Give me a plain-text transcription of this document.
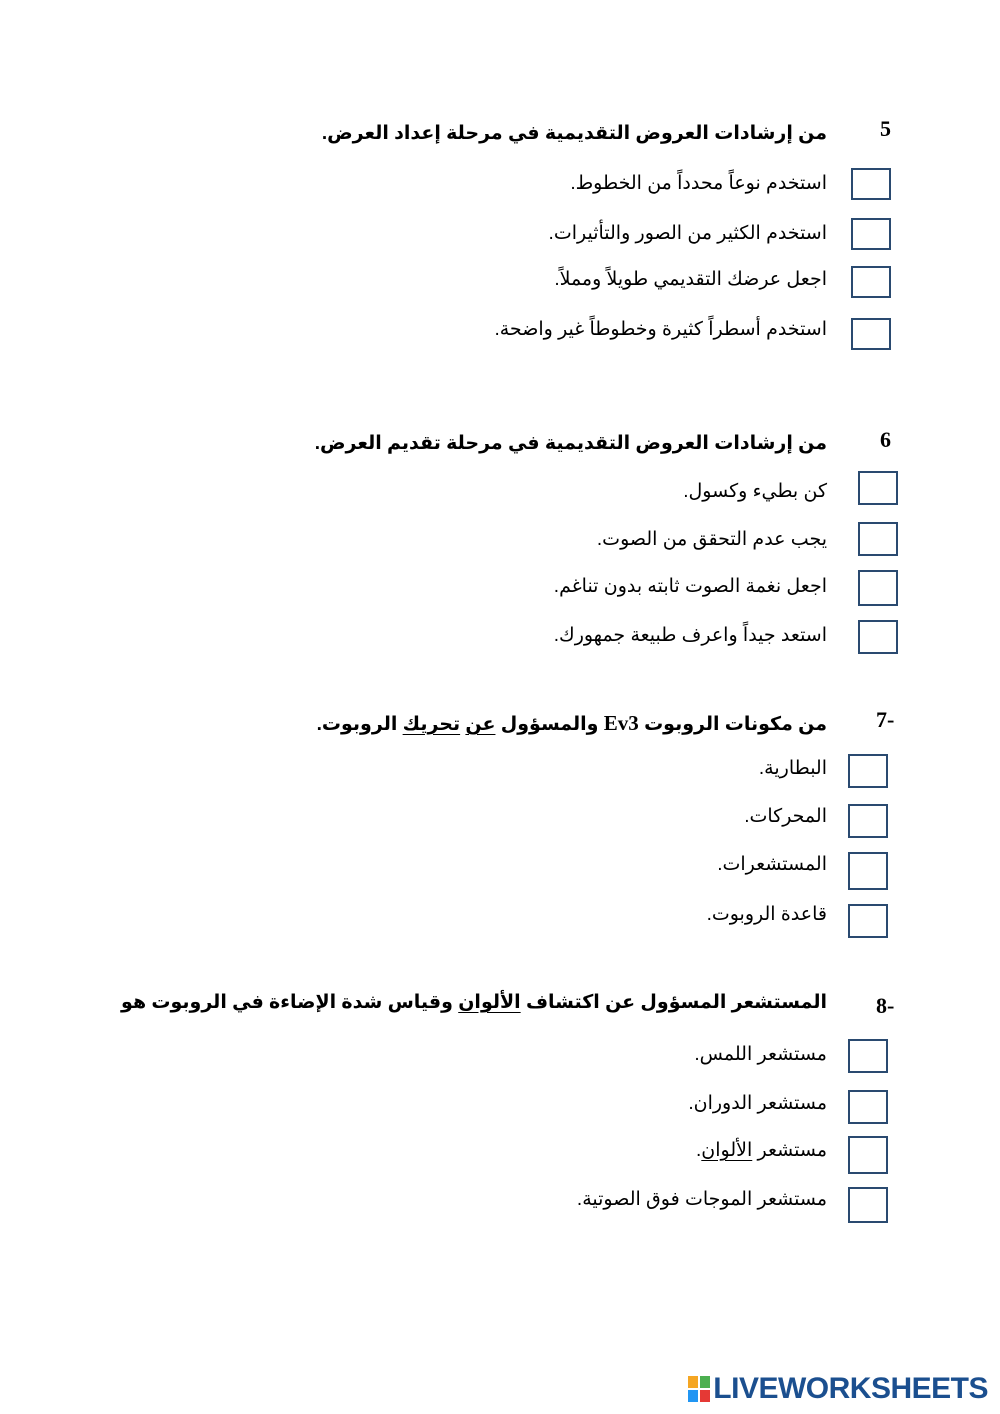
5
من إرشادات العروض التقديمية في مرحلة إعداد العرض.
استخدم نوعاً محدداً من الخطوط.
استخدم الكثير من الصور والتأثيرات.
اجعل عرضك التقديمي طويلاً ومملاً.
استخدم أسطراً كثيرة وخطوطاً غير واضحة.
6
من إرشادات العروض التقديمية في مرحلة تقديم العرض.
كن بطيء وكسول.
يجب عدم التحقق من الصوت.
اجعل نغمة الصوت ثابته بدون تناغم.
استعد جيداً واعرف طبيعة جمهورك.
7-
من مكونات الروبوت Ev3 والمسؤول عن تحريك الروبوت.
البطارية.
المحركات.
المستشعرات.
قاعدة الروبوت.
8-
المستشعر المسؤول عن اكتشاف الألوان وقياس شدة الإضاءة في الروبوت هو
مستشعر اللمس.
مستشعر الدوران.
مستشعر الألوان.
مستشعر الموجات فوق الصوتية.
LIVEWORKSHEETS
